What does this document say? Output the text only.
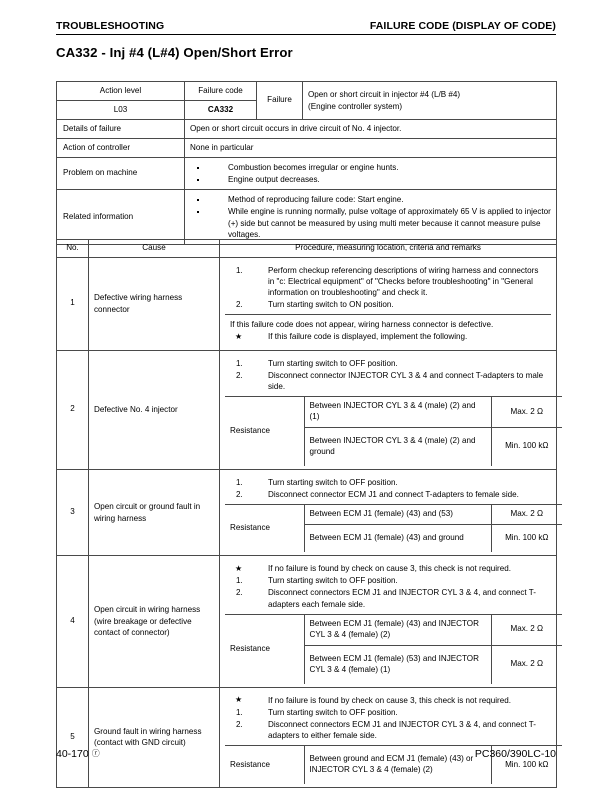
TROUBLESHOOTING	FAILURE CODE (DISPLAY OF CODE)
CA332 - Inj #4 (L#4) Open/Short Error
Action level	Failure code	Failure	Open or short circuit in injector #4 (L/B #4)
(Engine controller system)

L03	CA332		
Details of failure	Open or short circuit occurs in drive circuit of No. 4 injector.		
Action of controller	None in particular		
Problem on machine	
Combustion becomes irregular or engine hunts.
Engine output decreases.

Related information	
Method of reproducing failure code: Start engine.
While engine is running normally, pulse voltage of approximately 65 V is applied to injector (+) side but cannot be measured by using multi meter because it cannot measure pulse voltages.
No.	Cause	Procedure, measuring location, criteria and remarks
1	Defective wiring harness connector	
Perform checkup referencing descriptions of wiring harness and connectors in "c: Electrical equipment" of "Checks before troubleshooting" in "General information on troubleshooting" and check it.
Turn starting switch to ON position.

If this failure code does not appear, wiring harness connector is defective.
★ If this failure code is displayed, implement the following.

2	Defective No. 4 injector	
Turn starting switch to OFF position.
Disconnect connector INJECTOR CYL 3 & 4 and connect T-adapters to male side.

Resistance	Between INJECTOR CYL 3 & 4 (male) (2) and (1)	Max. 2 Ω
Between INJECTOR CYL 3 & 4 (male) (2) and ground	Min. 100 kΩ

3	Open circuit or ground fault in wiring harness	
Turn starting switch to OFF position.
Disconnect connector ECM J1 and connect T-adapters to female side.

Resistance	Between ECM J1 (female) (43) and (53)	Max. 2 Ω
Between ECM J1 (female) (43) and ground	Min. 100 kΩ

4	Open circuit in wiring harness (wire breakage or defective contact of connector)	
★ If no failure is found by check on cause 3, this check is not required.
Turn starting switch to OFF position.
Disconnect connectors ECM J1 and INJECTOR CYL 3 & 4, and connect T-adapters each female side.

Resistance	Between ECM J1 (female) (43) and INJECTOR CYL 3 & 4 (female) (2)	Max. 2 Ω
Between ECM J1 (female) (53) and INJECTOR CYL 3 & 4 (female) (1)	Max. 2 Ω

5	Ground fault in wiring harness (contact with GND circuit)	
★ If no failure is found by check on cause 3, this check is not required.
Turn starting switch to OFF position.
Disconnect connectors ECM J1 and INJECTOR CYL 3 & 4, and connect T-adapters to either female side.

Resistance	Between ground and ECM J1 (female) (43) or INJECTOR CYL 3 & 4 (female) (2)	Min. 100 kΩ
40-170 ⓡ	PC360/390LC-10
